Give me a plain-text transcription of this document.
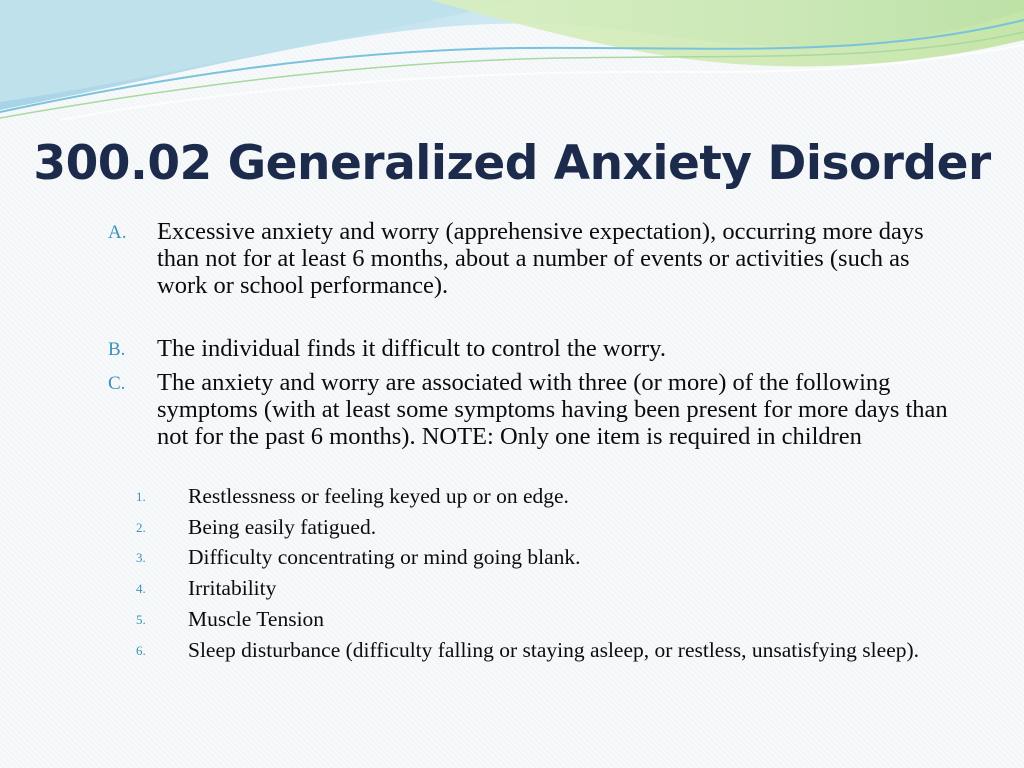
300.02 Generalized Anxiety Disorder
A. Excessive anxiety and worry (apprehensive expectation), occurring more days than not for at least 6 months, about a number of events or activities (such as work or school performance).
B. The individual finds it difficult to control the worry.
C. The anxiety and worry are associated with three (or more) of the following symptoms (with at least some symptoms having been present for more days than not for the past 6 months). NOTE: Only one item is required in children
1. Restlessness or feeling keyed up or on edge.
2. Being easily fatigued.
3. Difficulty concentrating or mind going blank.
4. Irritability
5. Muscle Tension
6. Sleep disturbance (difficulty falling or staying asleep, or restless, unsatisfying sleep).
